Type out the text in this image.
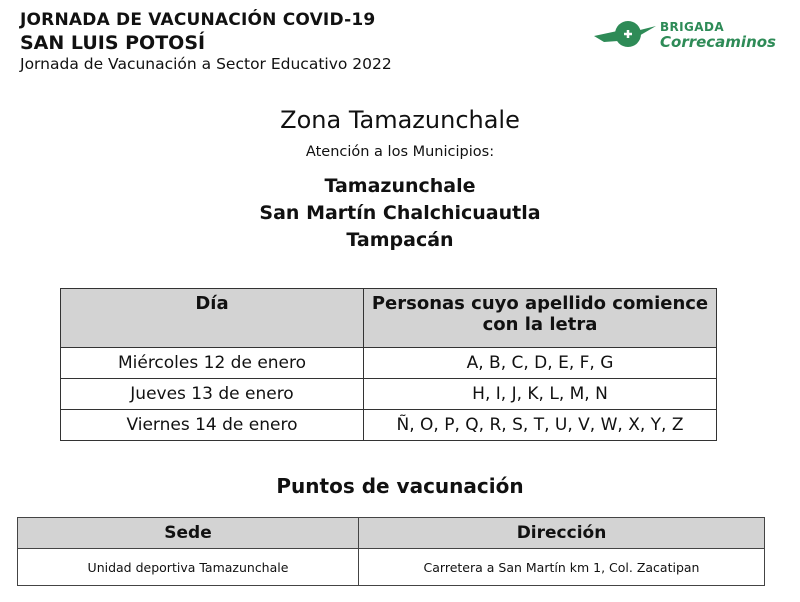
JORNADA DE VACUNACIÓN COVID-19
SAN LUIS POTOSÍ
Jornada de Vacunación a Sector Educativo 2022
BRIGADA
Correcaminos
Zona Tamazunchale
Atención a los Municipios:
Tamazunchale
San Martín Chalchicuautla
Tampacán
Día	Personas cuyo apellido comience con la letra
Miércoles 12 de enero	A, B, C, D, E, F, G
Jueves 13 de enero	H, I, J, K, L, M, N
Viernes 14 de enero	Ñ, O, P, Q, R, S, T, U, V, W, X, Y, Z
Puntos de vacunación
Sede	Dirección
Unidad deportiva Tamazunchale	Carretera a San Martín km 1, Col. Zacatipan
